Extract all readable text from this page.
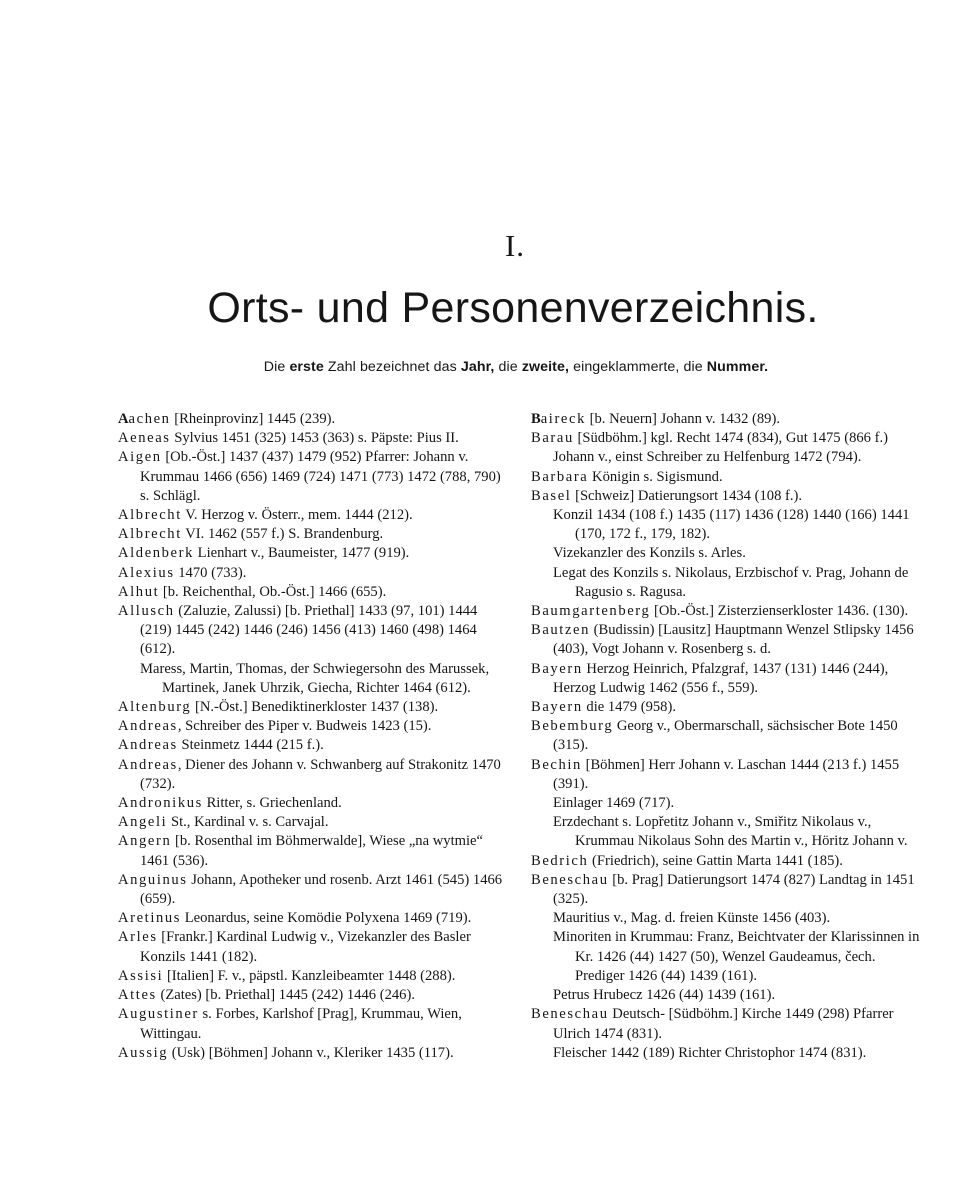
I.
Orts- und Personenverzeichnis.
Die erste Zahl bezeichnet das Jahr, die zweite, eingeklammerte, die Nummer.
Aachen [Rheinprovinz] 1445 (239).
Aeneas Sylvius 1451 (325) 1453 (363) s. Päpste: Pius II.
Aigen [Ob.-Öst.] 1437 (437) 1479 (952) Pfarrer: Johann v. Krummau 1466 (656) 1469 (724) 1471 (773) 1472 (788, 790) s. Schlägl.
Albrecht V. Herzog v. Österr., mem. 1444 (212).
Albrecht VI. 1462 (557 f.) S. Brandenburg.
Aldenberk Lienhart v., Baumeister, 1477 (919).
Alexius 1470 (733).
Alhut [b. Reichenthal, Ob.-Öst.] 1466 (655).
Allusch (Zaluzie, Zalussi) [b. Priethal] 1433 (97, 101) 1444 (219) 1445 (242) 1446 (246) 1456 (413) 1460 (498) 1464 (612).
Maress, Martin, Thomas, der Schwiegersohn des Marussek, Martinek, Janek Uhrzik, Giecha, Richter 1464 (612).
Altenburg [N.-Öst.] Benediktinerkloster 1437 (138).
Andreas, Schreiber des Piper v. Budweis 1423 (15).
Andreas Steinmetz 1444 (215 f.).
Andreas, Diener des Johann v. Schwanberg auf Strakonitz 1470 (732).
Andronikus Ritter, s. Griechenland.
Angeli St., Kardinal v. s. Carvajal.
Angern [b. Rosenthal im Böhmerwalde], Wiese „na wytmie“ 1461 (536).
Anguinus Johann, Apotheker und rosenb. Arzt 1461 (545) 1466 (659).
Aretinus Leonardus, seine Komödie Polyxena 1469 (719).
Arles [Frankr.] Kardinal Ludwig v., Vizekanzler des Basler Konzils 1441 (182).
Assisi [Italien] F. v., päpstl. Kanzleibeamter 1448 (288).
Attes (Zates) [b. Priethal] 1445 (242) 1446 (246).
Augustiner s. Forbes, Karlshof [Prag], Krummau, Wien, Wittingau.
Aussig (Usk) [Böhmen] Johann v., Kleriker 1435 (117).
Baireck [b. Neuern] Johann v. 1432 (89).
Barau [Südböhm.] kgl. Recht 1474 (834), Gut 1475 (866 f.) Johann v., einst Schreiber zu Helfenburg 1472 (794).
Barbara Königin s. Sigismund.
Basel [Schweiz] Datierungsort 1434 (108 f.).
Konzil 1434 (108 f.) 1435 (117) 1436 (128) 1440 (166) 1441 (170, 172 f., 179, 182).
Vizekanzler des Konzils s. Arles.
Legat des Konzils s. Nikolaus, Erzbischof v. Prag, Johann de Ragusio s. Ragusa.
Baumgartenberg [Ob.-Öst.] Zisterzienserkloster 1436. (130).
Bautzen (Budissin) [Lausitz] Hauptmann Wenzel Stlipsky 1456 (403), Vogt Johann v. Rosenberg s. d.
Bayern Herzog Heinrich, Pfalzgraf, 1437 (131) 1446 (244), Herzog Ludwig 1462 (556 f., 559).
Bayern die 1479 (958).
Bebemburg Georg v., Obermarschall, sächsischer Bote 1450 (315).
Bechin [Böhmen] Herr Johann v. Laschan 1444 (213 f.) 1455 (391).
Einlager 1469 (717).
Erzdechant s. Lopřetitz Johann v., Smiřitz Nikolaus v., Krummau Nikolaus Sohn des Martin v., Höritz Johann v.
Bedrich (Friedrich), seine Gattin Marta 1441 (185).
Beneschau [b. Prag] Datierungsort 1474 (827) Landtag in 1451 (325).
Mauritius v., Mag. d. freien Künste 1456 (403).
Minoriten in Krummau: Franz, Beichtvater der Klarissinnen in Kr. 1426 (44) 1427 (50), Wenzel Gaudeamus, čech. Prediger 1426 (44) 1439 (161).
Petrus Hrubecz 1426 (44) 1439 (161).
Beneschau Deutsch- [Südböhm.] Kirche 1449 (298) Pfarrer Ulrich 1474 (831).
Fleischer 1442 (189) Richter Christophor 1474 (831).
